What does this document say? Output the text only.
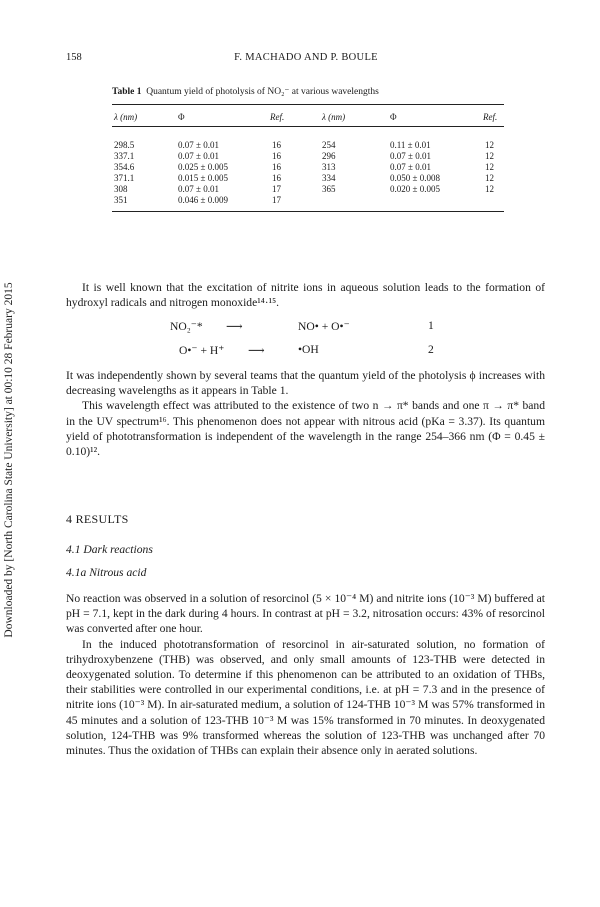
Downloaded by [North Carolina State University] at 00:10 28 February 2015
158	F. MACHADO AND P. BOULE
Table 1 Quantum yield of photolysis of NO₂⁻ at various wavelengths
λ (nm)	Φ	Ref.	λ (nm)	Φ	Ref.
298.5	0.07 ± 0.01	16	254	0.11 ± 0.01	12
337.1	0.07 ± 0.01	16	296	0.07 ± 0.01	12
354.6	0.025 ± 0.005	16	313	0.07 ± 0.01	12
371.1	0.015 ± 0.005	16	334	0.050 ± 0.008	12
308	0.07 ± 0.01	17	365	0.020 ± 0.005	12
351	0.046 ± 0.009	17

It is well known that the excitation of nitrite ions in aqueous solution leads to the formation of hydroxyl radicals and nitrogen monoxide¹⁴·¹⁵.

NO₂⁻* ⟶	NO• + O•⁻	1
O•⁻ + H⁺ ⟶	•OH	2

It was independently shown by several teams that the quantum yield of the photolysis ϕ increases with decreasing wavelengths as it appears in Table 1.

This wavelength effect was attributed to the existence of two n → π* bands and one π → π* band in the UV spectrum¹⁶. This phenomenon does not appear with nitrous acid (pKa = 3.37). Its quantum yield of phototransformation is independent of the wavelength in the range 254–366 nm (Φ = 0.45 ± 0.10)¹².

4 RESULTS
4.1 Dark reactions
4.1a Nitrous acid

No reaction was observed in a solution of resorcinol (5 × 10⁻⁴ M) and nitrite ions (10⁻³ M) buffered at pH = 7.1, kept in the dark during 4 hours. In contrast at pH = 3.2, nitrosation occurs: 43% of resorcinol was converted after one hour.

In the induced phototransformation of resorcinol in air-saturated solution, no formation of trihydroxybenzene (THB) was observed, and only small amounts of 123-THB were detected in deoxygenated solution. To determine if this phenomenon can be attributed to an oxidation of THBs, their stabilities were controlled in our experimental conditions, i.e. at pH = 7.3 and in the presence of nitrite ions (10⁻³ M). In air-saturated medium, a solution of 124-THB 10⁻³ M was 57% transformed in 45 minutes and a solution of 123-THB 10⁻³ M was 15% transformed in 70 minutes. In deoxygenated solution, 124-THB was 9% transformed whereas the solution of 123-THB was unchanged after 70 minutes. Thus the oxidation of THBs can explain their absence only in aerated solutions.
